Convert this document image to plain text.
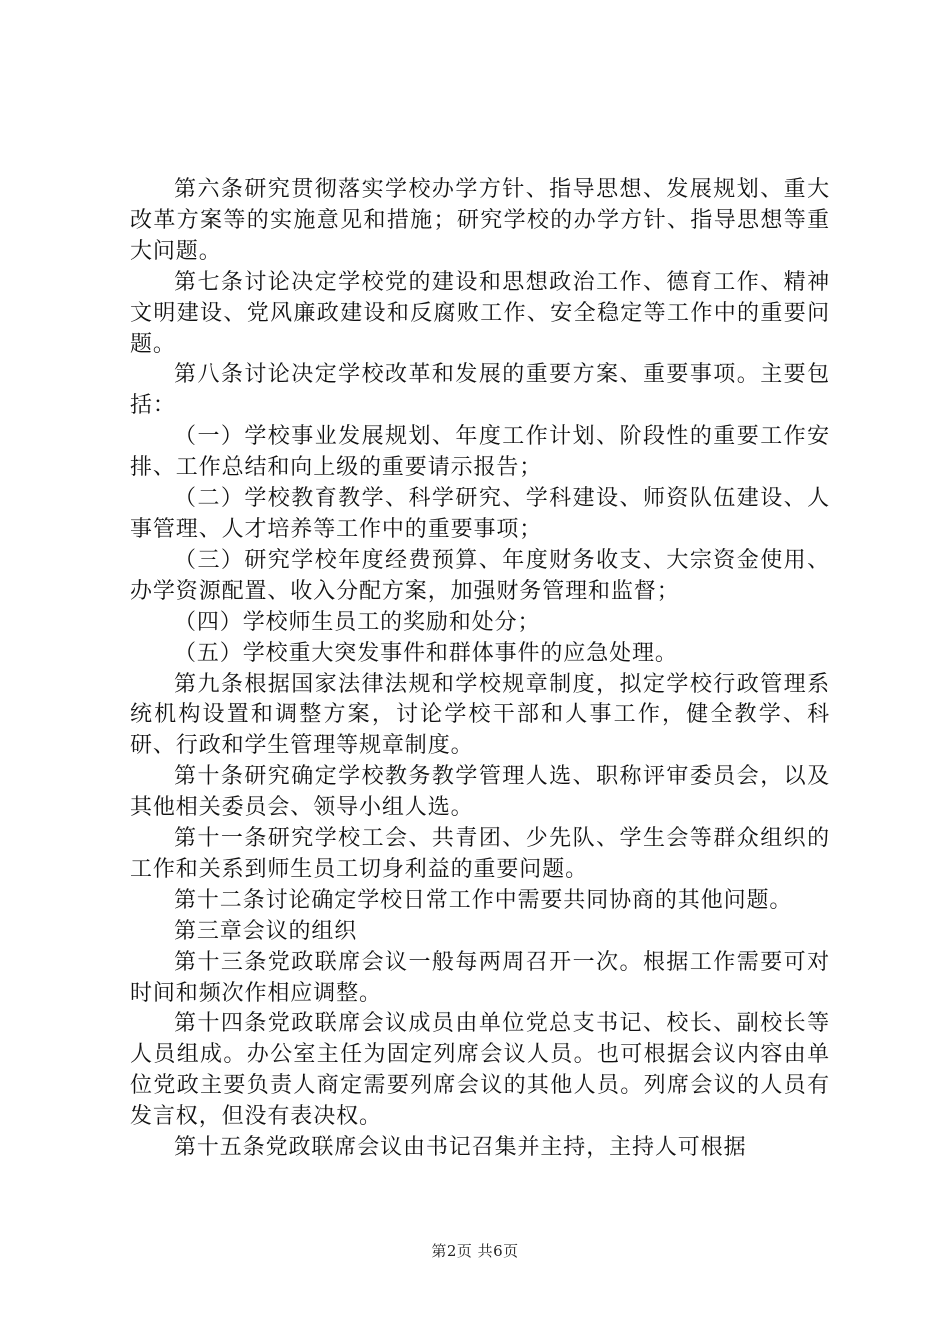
第六条研究贯彻落实学校办学方针、指导思想、发展规划、重大改革方案等的实施意见和措施；研究学校的办学方针、指导思想等重大问题。

第七条讨论决定学校党的建设和思想政治工作、德育工作、精神文明建设、党风廉政建设和反腐败工作、安全稳定等工作中的重要问题。

第八条讨论决定学校改革和发展的重要方案、重要事项。主要包括：

（一）学校事业发展规划、年度工作计划、阶段性的重要工作安排、工作总结和向上级的重要请示报告；

（二）学校教育教学、科学研究、学科建设、师资队伍建设、人事管理、人才培养等工作中的重要事项；

（三）研究学校年度经费预算、年度财务收支、大宗资金使用、办学资源配置、收入分配方案，加强财务管理和监督；

（四）学校师生员工的奖励和处分；

（五）学校重大突发事件和群体事件的应急处理。

第九条根据国家法律法规和学校规章制度，拟定学校行政管理系统机构设置和调整方案，讨论学校干部和人事工作，健全教学、科研、行政和学生管理等规章制度。

第十条研究确定学校教务教学管理人选、职称评审委员会，以及其他相关委员会、领导小组人选。

第十一条研究学校工会、共青团、少先队、学生会等群众组织的工作和关系到师生员工切身利益的重要问题。

第十二条讨论确定学校日常工作中需要共同协商的其他问题。

第三章会议的组织

第十三条党政联席会议一般每两周召开一次。根据工作需要可对时间和频次作相应调整。

第十四条党政联席会议成员由单位党总支书记、校长、副校长等人员组成。办公室主任为固定列席会议人员。也可根据会议内容由单位党政主要负责人商定需要列席会议的其他人员。列席会议的人员有发言权，但没有表决权。

第十五条党政联席会议由书记召集并主持，主持人可根据

第2页 共6页
